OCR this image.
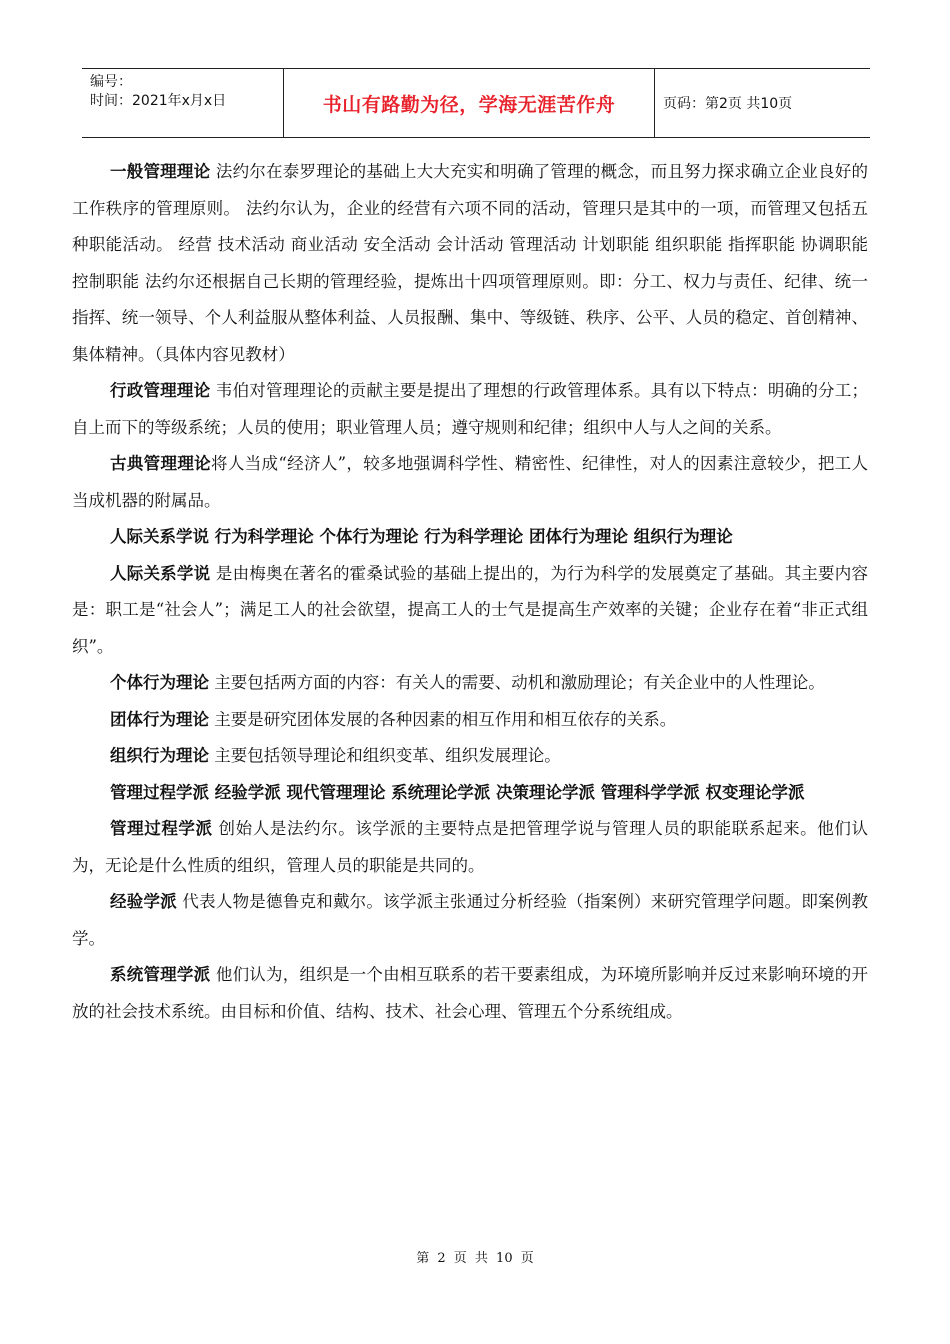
编号：
时间：2021年x月x日	书山有路勤为径，学海无涯苦作舟	页码：第2页 共10页

一般管理理论 法约尔在泰罗理论的基础上大大充实和明确了管理的概念，而且努力探求确立企业良好的工作秩序的管理原则。 法约尔认为，企业的经营有六项不同的活动，管理只是其中的一项，而管理又包括五种职能活动。 经营 技术活动 商业活动 安全活动 会计活动 管理活动 计划职能 组织职能 指挥职能 协调职能 控制职能 法约尔还根据自己长期的管理经验，提炼出十四项管理原则。即：分工、权力与责任、纪律、统一指挥、统一领导、个人利益服从整体利益、人员报酬、集中、等级链、秩序、公平、人员的稳定、首创精神、集体精神。（具体内容见教材）

行政管理理论 韦伯对管理理论的贡献主要是提出了理想的行政管理体系。具有以下特点：明确的分工；自上而下的等级系统；人员的使用；职业管理人员；遵守规则和纪律；组织中人与人之间的关系。

古典管理理论将人当成“经济人”，较多地强调科学性、精密性、纪律性，对人的因素注意较少，把工人当成机器的附属品。

人际关系学说 行为科学理论 个体行为理论 行为科学理论 团体行为理论 组织行为理论

人际关系学说 是由梅奥在著名的霍桑试验的基础上提出的，为行为科学的发展奠定了基础。其主要内容是：职工是“社会人”；满足工人的社会欲望，提高工人的士气是提高生产效率的关键；企业存在着“非正式组织”。

个体行为理论 主要包括两方面的内容：有关人的需要、动机和激励理论；有关企业中的人性理论。

团体行为理论 主要是研究团体发展的各种因素的相互作用和相互依存的关系。

组织行为理论 主要包括领导理论和组织变革、组织发展理论。

管理过程学派 经验学派 现代管理理论 系统理论学派 决策理论学派 管理科学学派 权变理论学派

管理过程学派 创始人是法约尔。该学派的主要特点是把管理学说与管理人员的职能联系起来。他们认为，无论是什么性质的组织，管理人员的职能是共同的。

经验学派 代表人物是德鲁克和戴尔。该学派主张通过分析经验（指案例）来研究管理学问题。即案例教学。

系统管理学派 他们认为，组织是一个由相互联系的若干要素组成，为环境所影响并反过来影响环境的开放的社会技术系统。由目标和价值、结构、技术、社会心理、管理五个分系统组成。

第 2 页 共 10 页
